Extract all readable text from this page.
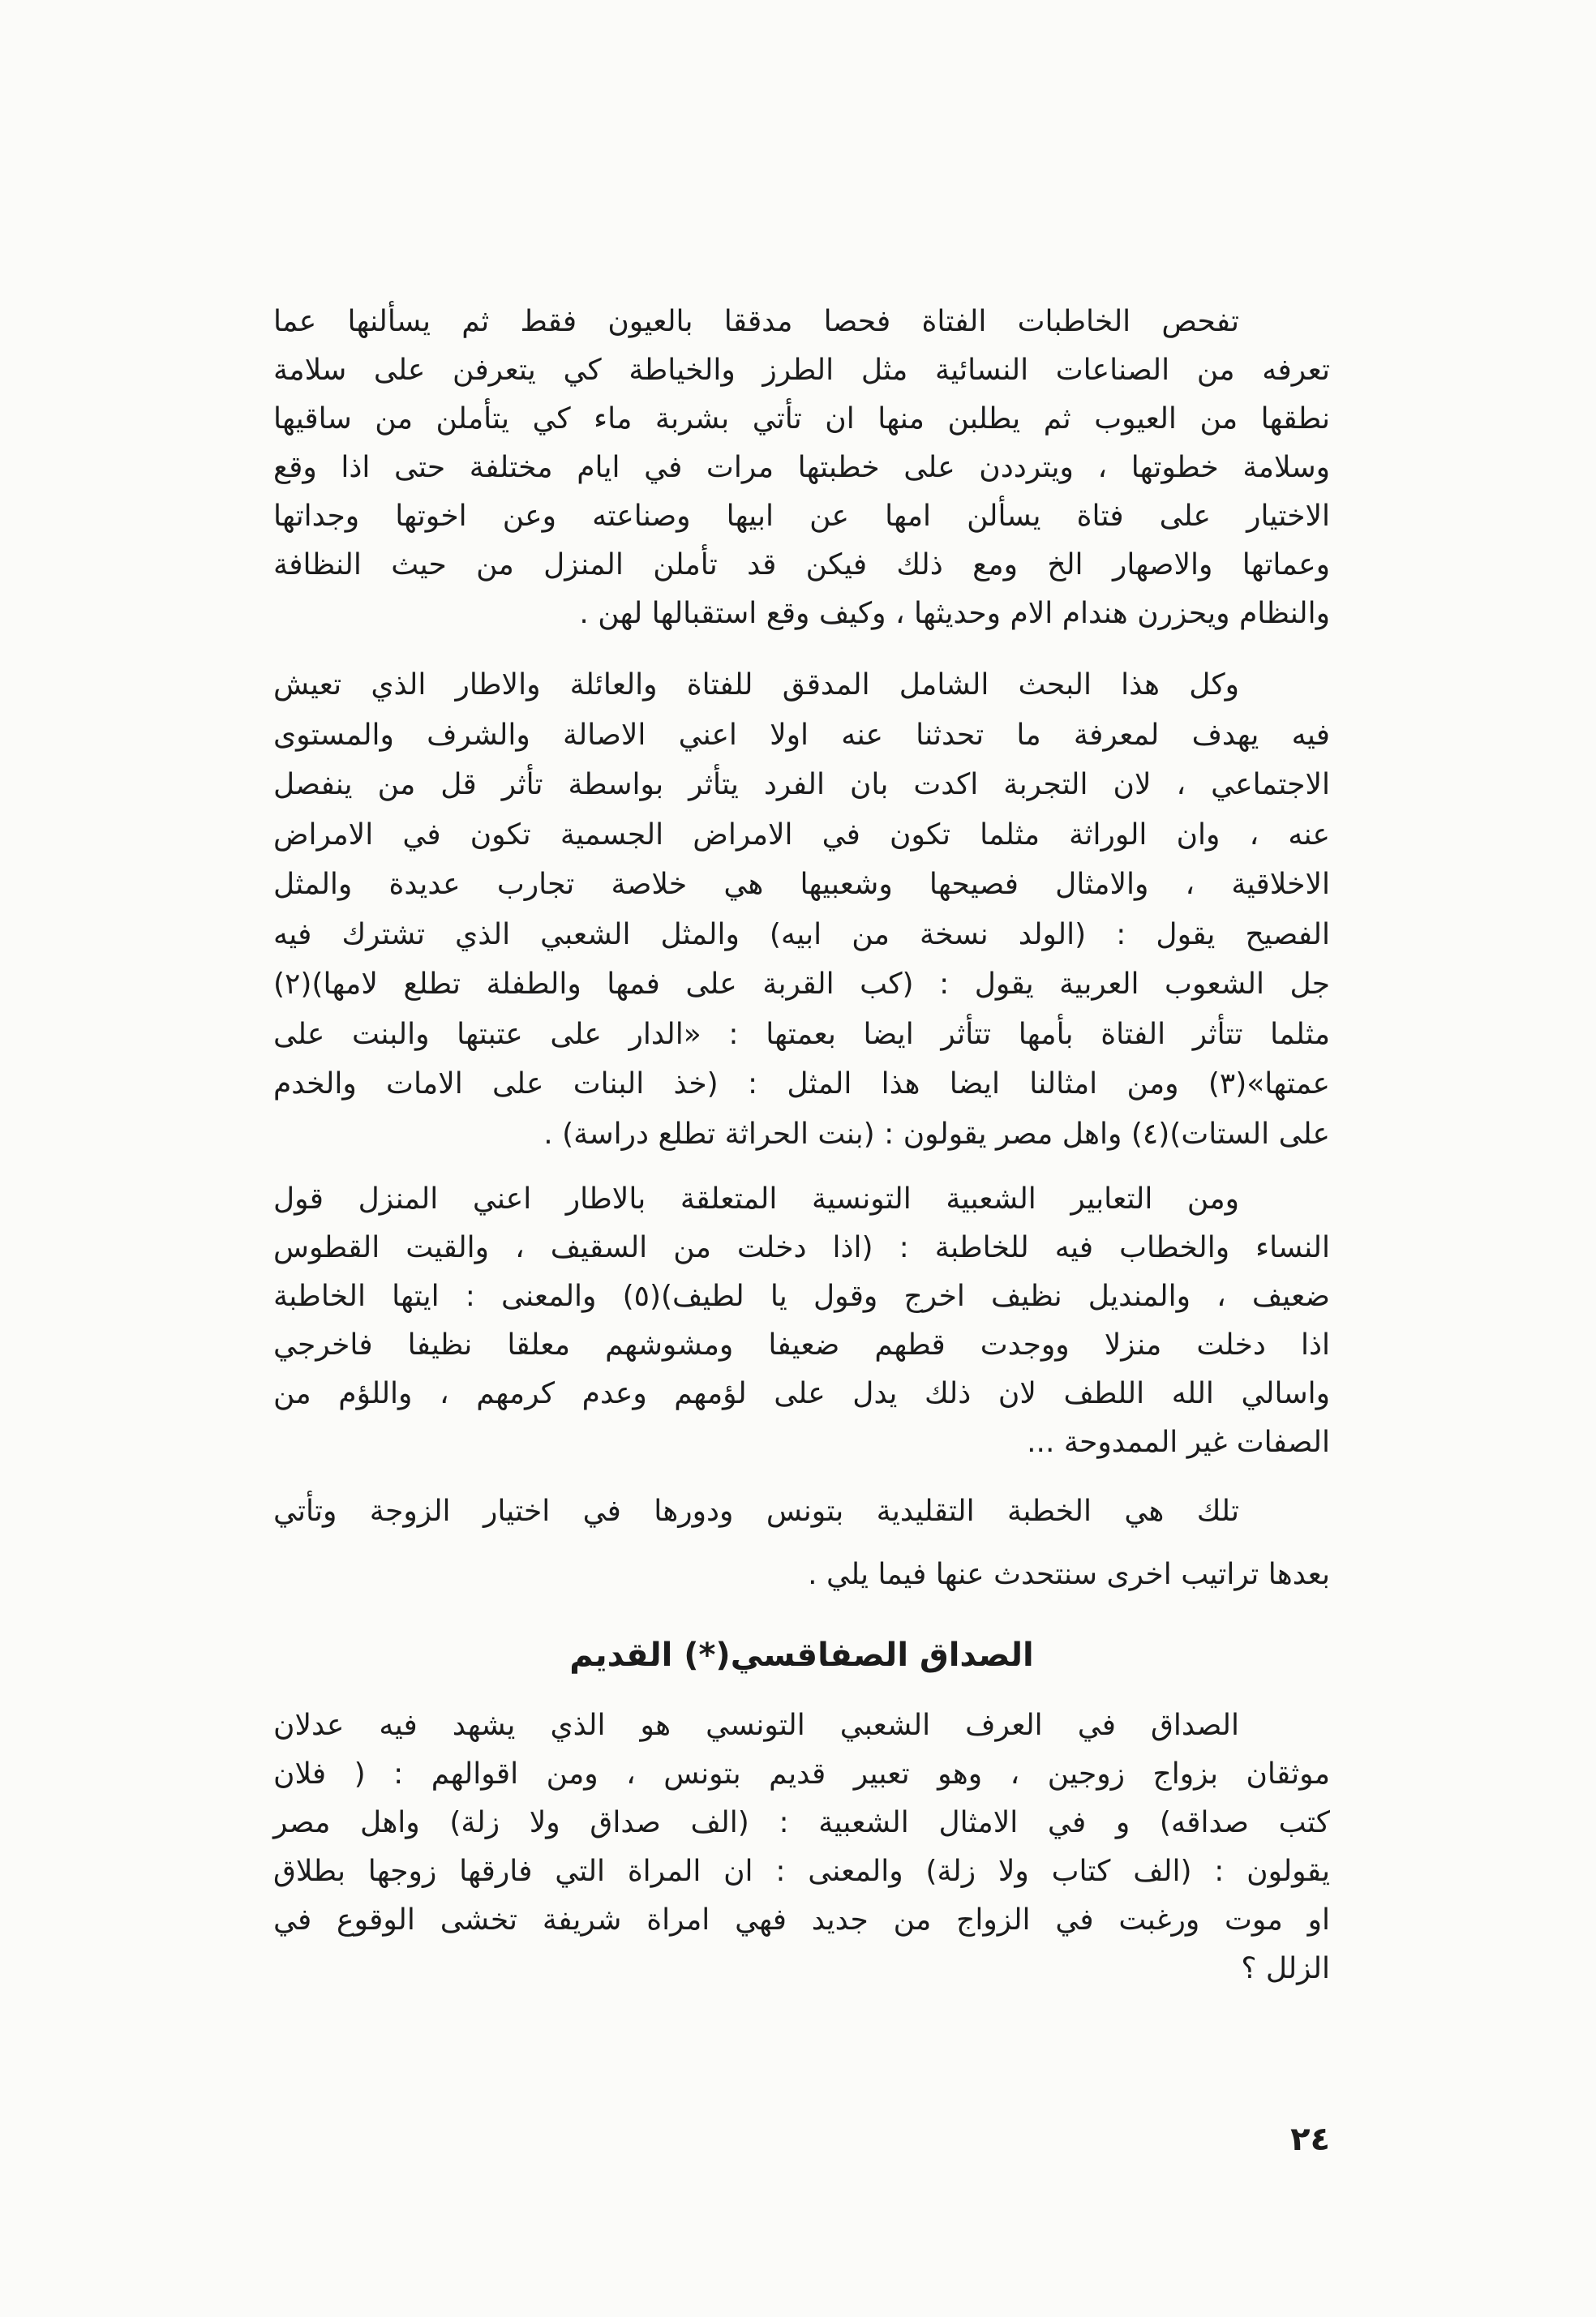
تفحص الخاطبات الفتاة فحصا مدققا بالعيون فقط ثم يسألنها عما
تعرفه من الصناعات النسائية مثل الطرز والخياطة كي يتعرفن على سلامة
نطقها من العيوب ثم يطلبن منها ان تأتي بشربة ماء كي يتأملن من ساقيها
وسلامة خطوتها ، ويترددن على خطبتها مرات في ايام مختلفة حتى اذا وقع
الاختيار على فتاة يسألن امها عن ابيها وصناعته وعن اخوتها وجداتها
وعماتها والاصهار الخ ومع ذلك فيكن قد تأملن المنزل من حيث النظافة
والنظام ويحزرن هندام الام وحديثها ، وكيف وقع استقبالها لهن .
وكل هذا البحث الشامل المدقق للفتاة والعائلة والاطار الذي تعيش
فيه يهدف لمعرفة ما تحدثنا عنه اولا اعني الاصالة والشرف والمستوى
الاجتماعي ، لان التجربة اكدت بان الفرد يتأثر بواسطة تأثر قل من ينفصل
عنه ، وان الوراثة مثلما تكون في الامراض الجسمية تكون في الامراض
الاخلاقية ، والامثال فصيحها وشعبيها هي خلاصة تجارب عديدة والمثل
الفصيح يقول : (الولد نسخة من ابيه) والمثل الشعبي الذي تشترك فيه
جل الشعوب العربية يقول : (كب القربة على فمها والطفلة تطلع لامها)(٢)
مثلما تتأثر الفتاة بأمها تتأثر ايضا بعمتها : «الدار على عتبتها والبنت على
عمتها»(٣) ومن امثالنا ايضا هذا المثل : (خذ البنات على الامات والخدم
على الستات)(٤) واهل مصر يقولون : (بنت الحراثة تطلع دراسة) .
ومن التعابير الشعبية التونسية المتعلقة بالاطار اعني المنزل قول
النساء والخطاب فيه للخاطبة : (اذا دخلت من السقيف ، والقيت القطوس
ضعيف ، والمنديل نظيف اخرج وقول يا لطيف)(٥) والمعنى : ايتها الخاطبة
اذا دخلت منزلا ووجدت قطهم ضعيفا ومشوشهم معلقا نظيفا فاخرجي
واسالي الله اللطف لان ذلك يدل على لؤمهم وعدم كرمهم ، واللؤم من
الصفات غير الممدوحة ...
تلك هي الخطبة التقليدية بتونس ودورها في اختيار الزوجة وتأتي
بعدها تراتيب اخرى سنتحدث عنها فيما يلي .
الصداق الصفاقسي(*) القديم
الصداق في العرف الشعبي التونسي هو الذي يشهد فيه عدلان
موثقان بزواج زوجين ، وهو تعبير قديم بتونس ، ومن اقوالهم : ( فلان
كتب صداقه) و في الامثال الشعبية : (الف صداق ولا زلة) واهل مصر
يقولون : (الف كتاب ولا زلة) والمعنى : ان المراة التي فارقها زوجها بطلاق
او موت ورغبت في الزواج من جديد فهي امراة شريفة تخشى الوقوع في
الزلل ؟
٢٤
